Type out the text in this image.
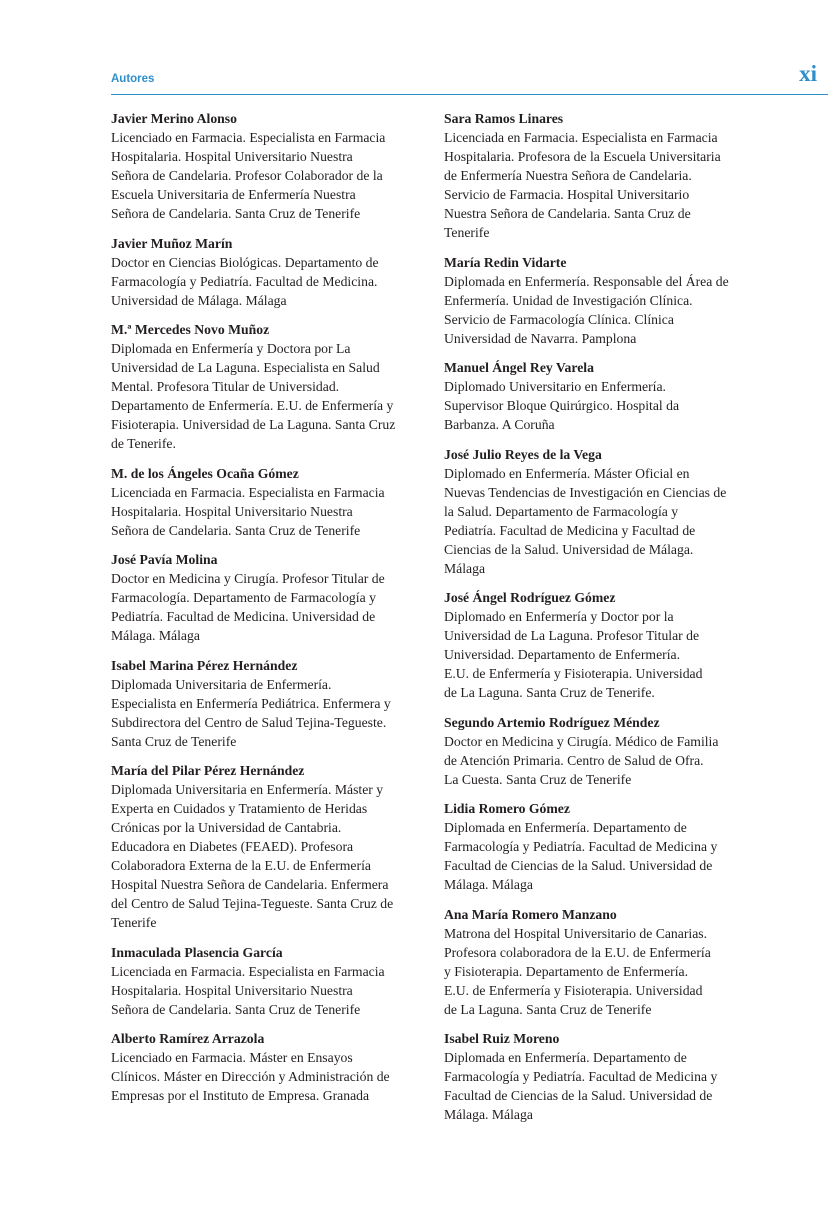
Autores	xi
Javier Merino Alonso
Licenciado en Farmacia. Especialista en Farmacia
Hospitalaria. Hospital Universitario Nuestra
Señora de Candelaria. Profesor Colaborador de la
Escuela Universitaria de Enfermería Nuestra
Señora de Candelaria. Santa Cruz de Tenerife
Javier Muñoz Marín
Doctor en Ciencias Biológicas. Departamento de
Farmacología y Pediatría. Facultad de Medicina.
Universidad de Málaga. Málaga
M.ª Mercedes Novo Muñoz
Diplomada en Enfermería y Doctora por La
Universidad de La Laguna. Especialista en Salud
Mental. Profesora Titular de Universidad.
Departamento de Enfermería. E.U. de Enfermería y
Fisioterapia. Universidad de La Laguna. Santa Cruz
de Tenerife.
M. de los Ángeles Ocaña Gómez
Licenciada en Farmacia. Especialista en Farmacia
Hospitalaria. Hospital Universitario Nuestra
Señora de Candelaria. Santa Cruz de Tenerife
José Pavía Molina
Doctor en Medicina y Cirugía. Profesor Titular de
Farmacología. Departamento de Farmacología y
Pediatría. Facultad de Medicina. Universidad de
Málaga. Málaga
Isabel Marina Pérez Hernández
Diplomada Universitaria de Enfermería.
Especialista en Enfermería Pediátrica. Enfermera y
Subdirectora del Centro de Salud Tejina-Tegueste.
Santa Cruz de Tenerife
María del Pilar Pérez Hernández
Diplomada Universitaria en Enfermería. Máster y
Experta en Cuidados y Tratamiento de Heridas
Crónicas por la Universidad de Cantabria.
Educadora en Diabetes (FEAED). Profesora
Colaboradora Externa de la E.U. de Enfermería
Hospital Nuestra Señora de Candelaria. Enfermera
del Centro de Salud Tejina-Tegueste. Santa Cruz de
Tenerife
Inmaculada Plasencia García
Licenciada en Farmacia. Especialista en Farmacia
Hospitalaria. Hospital Universitario Nuestra
Señora de Candelaria. Santa Cruz de Tenerife
Alberto Ramírez Arrazola
Licenciado en Farmacia. Máster en Ensayos
Clínicos. Máster en Dirección y Administración de
Empresas por el Instituto de Empresa. Granada
Sara Ramos Linares
Licenciada en Farmacia. Especialista en Farmacia
Hospitalaria. Profesora de la Escuela Universitaria
de Enfermería Nuestra Señora de Candelaria.
Servicio de Farmacia. Hospital Universitario
Nuestra Señora de Candelaria. Santa Cruz de
Tenerife
María Redin Vidarte
Diplomada en Enfermería. Responsable del Área de
Enfermería. Unidad de Investigación Clínica.
Servicio de Farmacología Clínica. Clínica
Universidad de Navarra. Pamplona
Manuel Ángel Rey Varela
Diplomado Universitario en Enfermería.
Supervisor Bloque Quirúrgico. Hospital da
Barbanza. A Coruña
José Julio Reyes de la Vega
Diplomado en Enfermería. Máster Oficial en
Nuevas Tendencias de Investigación en Ciencias de
la Salud. Departamento de Farmacología y
Pediatría. Facultad de Medicina y Facultad de
Ciencias de la Salud. Universidad de Málaga.
Málaga
José Ángel Rodríguez Gómez
Diplomado en Enfermería y Doctor por la
Universidad de La Laguna. Profesor Titular de
Universidad. Departamento de Enfermería.
E.U. de Enfermería y Fisioterapia. Universidad
de La Laguna. Santa Cruz de Tenerife.
Segundo Artemio Rodríguez Méndez
Doctor en Medicina y Cirugía. Médico de Familia
de Atención Primaria. Centro de Salud de Ofra.
La Cuesta. Santa Cruz de Tenerife
Lidia Romero Gómez
Diplomada en Enfermería. Departamento de
Farmacología y Pediatría. Facultad de Medicina y
Facultad de Ciencias de la Salud. Universidad de
Málaga. Málaga
Ana María Romero Manzano
Matrona del Hospital Universitario de Canarias.
Profesora colaboradora de la E.U. de Enfermería
y Fisioterapia. Departamento de Enfermería.
E.U. de Enfermería y Fisioterapia. Universidad
de La Laguna. Santa Cruz de Tenerife
Isabel Ruiz Moreno
Diplomada en Enfermería. Departamento de
Farmacología y Pediatría. Facultad de Medicina y
Facultad de Ciencias de la Salud. Universidad de
Málaga. Málaga
